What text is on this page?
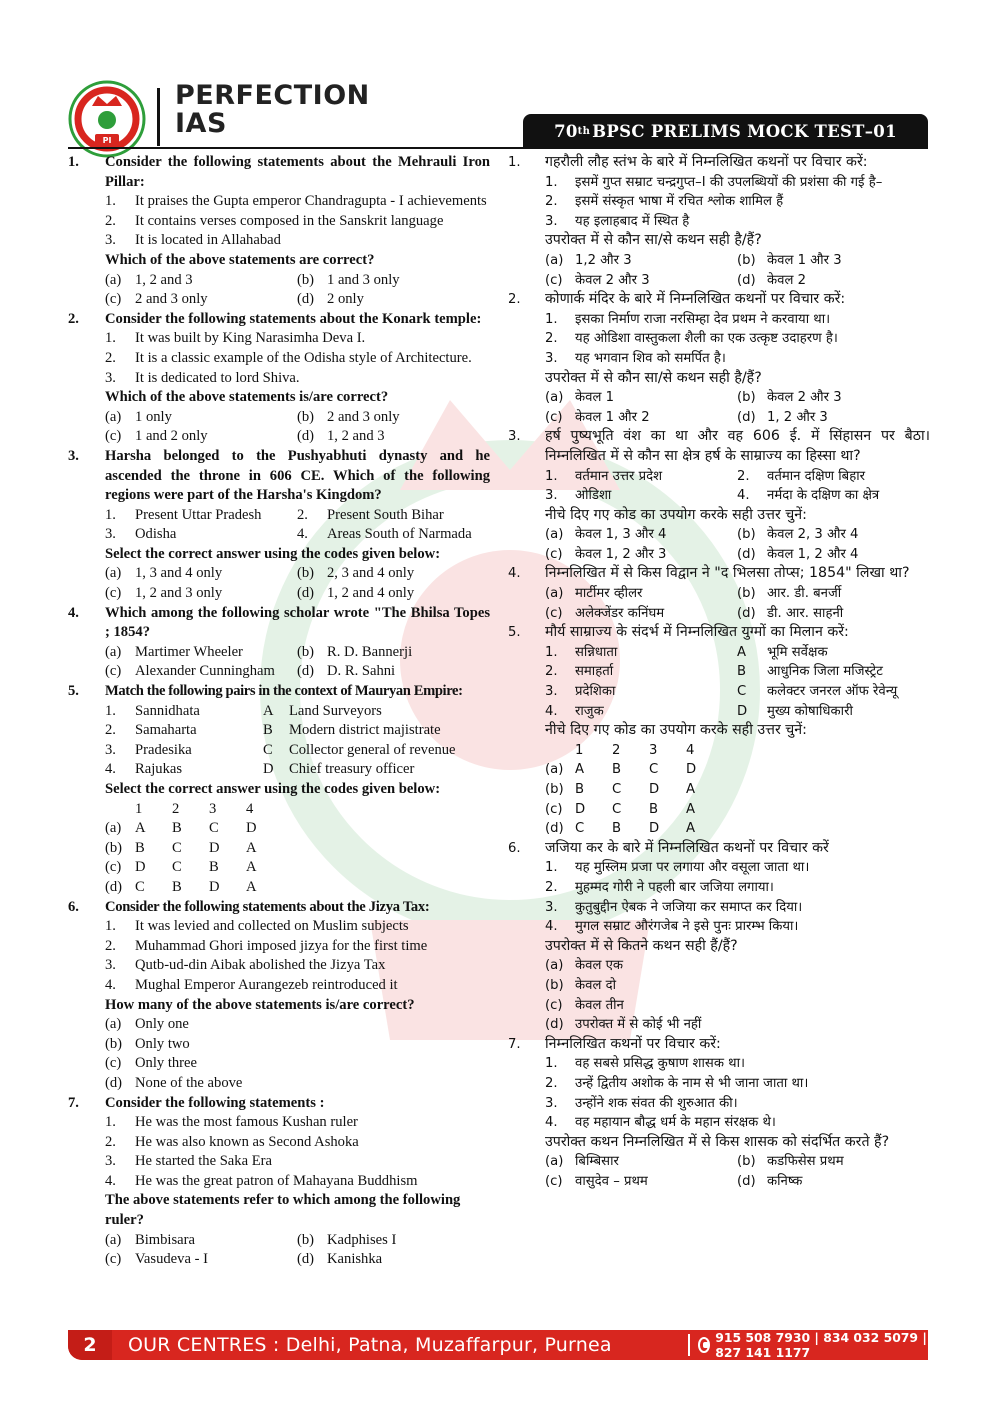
PI
PERFECTION
IAS	70 th BPSC PRELIMS MOCK TEST–01
1.	Consider the following statements about the Mehrauli Iron Pillar:
1.	It praises the Gupta emperor Chandragupta - I achievements
2.	It contains verses composed in the Sanskrit language
3.	It is located in Allahabad
Which of the above statements are correct?
(a) 1, 2 and 3	(b) 1 and 3 only
(c) 2 and 3 only	(d) 2 only
2.	Consider the following statements about the Konark temple:
1.	It was built by King Narasimha Deva I.
2.	It is a classic example of the Odisha style of Architecture.
3.	It is dedicated to lord Shiva.
Which of the above statements is/are correct?
(a) 1 only	(b) 2 and 3 only
(c) 1 and 2 only	(d) 1, 2 and 3
3.	Harsha belonged to the Pushyabhuti dynasty and he ascended the throne in 606 CE. Which of the following regions were part of the Harsha's Kingdom?
1.	Present Uttar Pradesh 2.	Present South Bihar
3.	Odisha	4.	Areas South of Narmada
Select the correct answer using the codes given below:
(a) 1, 3 and 4 only	(b) 2, 3 and 4 only
(c) 1, 2 and 3 only	(d) 1, 2 and 4 only
4.	Which among the following scholar wrote "The Bhilsa Topes ; 1854?
(a) Martimer Wheeler	(b) R. D. Bannerji
(c) Alexander Cunningham (d) D. R. Sahni
5.	Match the following pairs in the context of Mauryan Empire:
1.	Sannidhata	A	Land Surveyors
2.	Samaharta	B	Modern district majistrate
3.	Pradesika	C	Collector general of revenue
4.	Rajukas	D	Chief treasury officer
Select the correct answer using the codes given below:
1	2	3	4
(a) A	B	C	D
(b) B	C	D	A
(c) D	C	B	A
(d) C	B	D	A
6.	Consider the following statements about the Jizya Tax:
1.	It was levied and collected on Muslim subjects
2.	Muhammad Ghori imposed jizya for the first time
3.	Qutb-ud-din Aibak abolished the Jizya Tax
4.	Mughal Emperor Aurangezeb reintroduced it
How many of the above statements is/are correct?
(a) Only one
(b) Only two
(c) Only three
(d) None of the above
7.	Consider the following statements :
1.	He was the most famous Kushan ruler
2.	He was also known as Second Ashoka
3.	He started the Saka Era
4.	He was the great patron of Mahayana Buddhism
The above statements refer to which among the following ruler?
(a) Bimbisara	(b) Kadphises I
(c) Vasudeva - I	(d) Kanishka
1.	गहरौली लौह स्तंभ के बारे में निम्नलिखित कथनों पर विचार करें:
1.	इसमें गुप्त सम्राट चन्द्रगुप्त–I की उपलब्धियों की प्रशंसा की गई है–
2.	इसमें संस्कृत भाषा में रचित श्लोक शामिल हैं
3.	यह इलाहबाद में स्थित है
उपरोक्त में से कौन सा/से कथन सही है/हैं?
(a) 1,2 और 3	(b) केवल 1 और 3
(c) केवल 2 और 3	(d) केवल 2
2.	कोणार्क मंदिर के बारे में निम्नलिखित कथनों पर विचार करें:
1.	इसका निर्माण राजा नरसिम्हा देव प्रथम ने करवाया था।
2.	यह ओडिशा वास्तुकला शैली का एक उत्कृष्ट उदाहरण है।
3.	यह भगवान शिव को समर्पित है।
उपरोक्त में से कौन सा/से कथन सही है/हैं?
(a) केवल 1	(b) केवल 2 और 3
(c) केवल 1 और 2	(d) 1, 2 और 3
3.	हर्ष पुष्यभूति वंश का था और वह 606 ई. में सिंहासन पर बैठा। निम्नलिखित में से कौन सा क्षेत्र हर्ष के साम्राज्य का हिस्सा था?
1.	वर्तमान उत्तर प्रदेश	2.	वर्तमान दक्षिण बिहार
3.	ओडिशा	4.	नर्मदा के दक्षिण का क्षेत्र
नीचे दिए गए कोड का उपयोग करके सही उत्तर चुनें:
(a) केवल 1, 3 और 4	(b) केवल 2, 3 और 4
(c) केवल 1, 2 और 3	(d) केवल 1, 2 और 4
4.	निम्नलिखित में से किस विद्वान ने "द भिलसा तोप्स; 1854" लिखा था?
(a) मार्टीमर व्हीलर	(b) आर. डी. बनर्जी
(c) अलेक्जेंडर कनिंघम	(d) डी. आर. साहनी
5.	मौर्य साम्राज्य के संदर्भ में निम्नलिखित युग्मों का मिलान करें:
1.	सन्निधाता	A	भूमि सर्वेक्षक
2.	समाहर्ता	B	आधुनिक जिला मजिस्ट्रेट
3.	प्रदेशिका	C	कलेक्टर जनरल ऑफ रेवेन्यू
4.	राजुक	D	मुख्य कोषाधिकारी
नीचे दिए गए कोड का उपयोग करके सही उत्तर चुनें:
1	2	3	4
(a) A	B	C	D
(b) B	C	D	A
(c) D	C	B	A
(d) C	B	D	A
6.	जजिया कर के बारे में निम्नलिखित कथनों पर विचार करें
1.	यह मुस्लिम प्रजा पर लगाया और वसूला जाता था।
2.	मुहम्मद गोरी ने पहली बार जजिया लगाया।
3.	कुतुबुद्दीन ऐबक ने जजिया कर समाप्त कर दिया।
4.	मुगल सम्राट औरंगजेब ने इसे पुनः प्रारम्भ किया।
उपरोक्त में से कितने कथन सही हैं/हैं?
(a) केवल एक
(b) केवल दो
(c) केवल तीन
(d) उपरोक्त में से कोई भी नहीं
7.	निम्नलिखित कथनों पर विचार करें:
1.	वह सबसे प्रसिद्ध कुषाण शासक था।
2.	उन्हें द्वितीय अशोक के नाम से भी जाना जाता था।
3.	उन्होंने शक संवत की शुरुआत की।
4.	वह महायान बौद्ध धर्म के महान संरक्षक थे।
उपरोक्त कथन निम्नलिखित में से किस शासक को संदर्भित करते हैं?
(a) बिम्बिसार	(b) कडफिसेस प्रथम
(c) वासुदेव – प्रथम	(d) कनिष्क
2	OUR CENTRES : Delhi, Patna, Muzaffarpur, Purnea	915 508 7930 | 834 032 5079 | 827 141 1177
